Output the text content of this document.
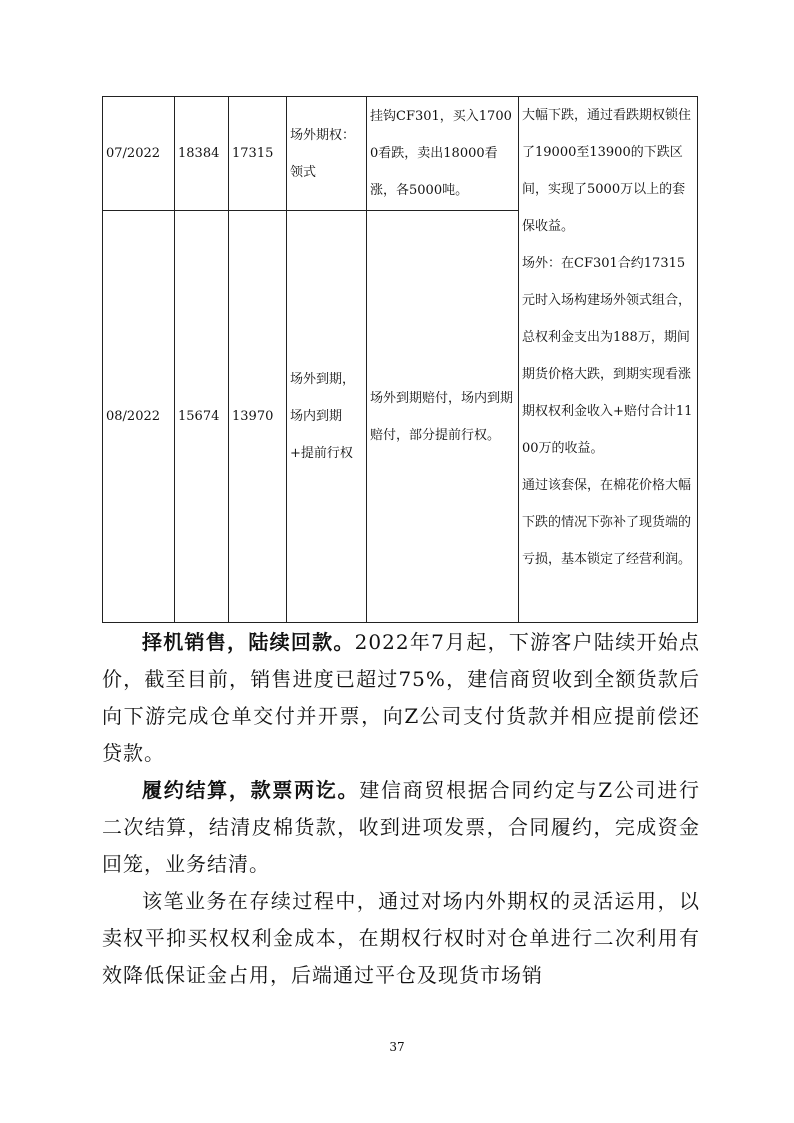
07/2022	18384	17315	场外期权：领式	挂钩CF301，买入17000看跌，卖出18000看涨，各5000吨。	大幅下跌，通过看跌期权锁住了19000至13900的下跌区间，实现了5000万以上的套保收益。
场外：在CF301合约17315元时入场构建场外领式组合，总权利金支出为188万，期间期货价格大跌，到期实现看涨期权权利金收入+赔付合计1100万的收益。
通过该套保，在棉花价格大幅下跌的情况下弥补了现货端的亏损，基本锁定了经营利润。

08/2022	15674	13970	场外到期，场内到期+提前行权	场外到期赔付，场内到期赔付，部分提前行权。	

择机销售，陆续回款。2022年7月起，下游客户陆续开始点价，截至目前，销售进度已超过75%，建信商贸收到全额货款后向下游完成仓单交付并开票，向Z公司支付货款并相应提前偿还贷款。

履约结算，款票两讫。建信商贸根据合同约定与Z公司进行二次结算，结清皮棉货款，收到进项发票，合同履约，完成资金回笼，业务结清。

该笔业务在存续过程中，通过对场内外期权的灵活运用，以卖权平抑买权权利金成本，在期权行权时对仓单进行二次利用有效降低保证金占用，后端通过平仓及现货市场销

37
